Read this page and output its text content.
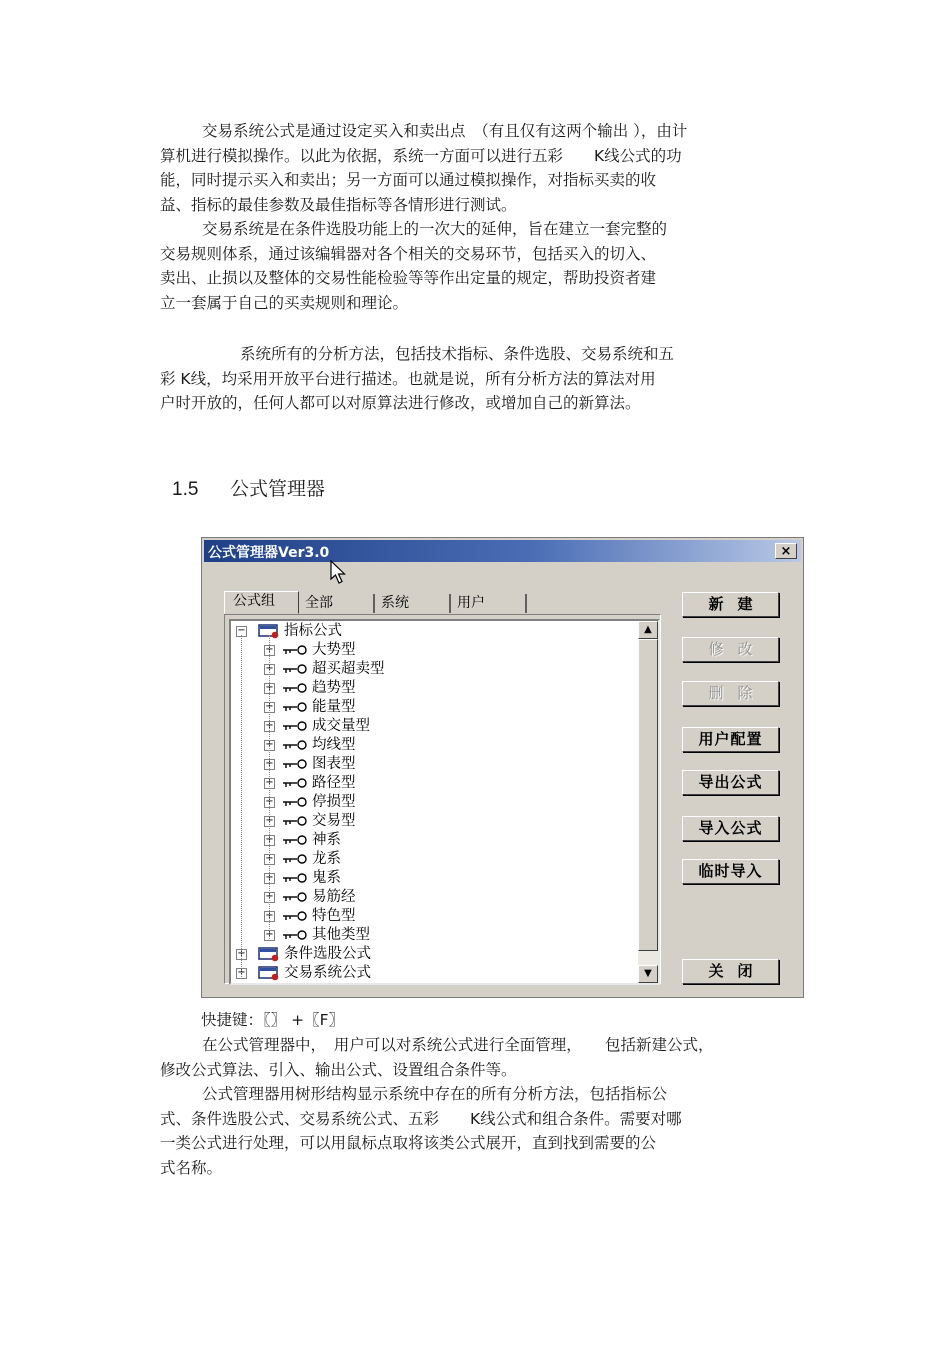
交易系统公式是通过设定买入和卖出点　（有且仅有这两个输出 ），由计
算机进行模拟操作。以此为依据，系统一方面可以进行五彩　　K线公式的功
能，同时提示买入和卖出；另一方面可以通过模拟操作，对指标买卖的收
益、指标的最佳参数及最佳指标等各情形进行测试。
交易系统是在条件选股功能上的一次大的延伸，旨在建立一套完整的
交易规则体系，通过该编辑器对各个相关的交易环节，包括买入的切入、
卖出、止损以及整体的交易性能检验等等作出定量的规定，帮助投资者建
立一套属于自己的买卖规则和理论。
系统所有的分析方法，包括技术指标、条件选股、交易系统和五
彩 K线，均采用开放平台进行描述。也就是说，所有分析方法的算法对用
户时开放的，任何人都可以对原算法进行修改，或增加自己的新算法。
1.5 公式管理器
公式管理器Ver3.0	×
公式组	全部	系统	用户
▲
▼
−	指标公式
+	大势型
+	超买超卖型
+	趋势型
+	能量型
+	成交量型
+	均线型
+	图表型
+	路径型
+	停损型
+	交易型
+	神系
+	龙系
+	鬼系
+	易筋经
+	特色型
+	其他类型
+	条件选股公式
+	交易系统公式
新建
修改
删除
用户配置
导出公式
导入公式
临时导入
关闭
快捷键：〖〗 +〖F〗
在公式管理器中，　用户可以对系统公式进行全面管理，　　包括新建公式，
修改公式算法、引入、输出公式、设置组合条件等。
公式管理器用树形结构显示系统中存在的所有分析方法，包括指标公
式、条件选股公式、交易系统公式、五彩　　K线公式和组合条件。需要对哪
一类公式进行处理，可以用鼠标点取将该类公式展开，直到找到需要的公
式名称。
